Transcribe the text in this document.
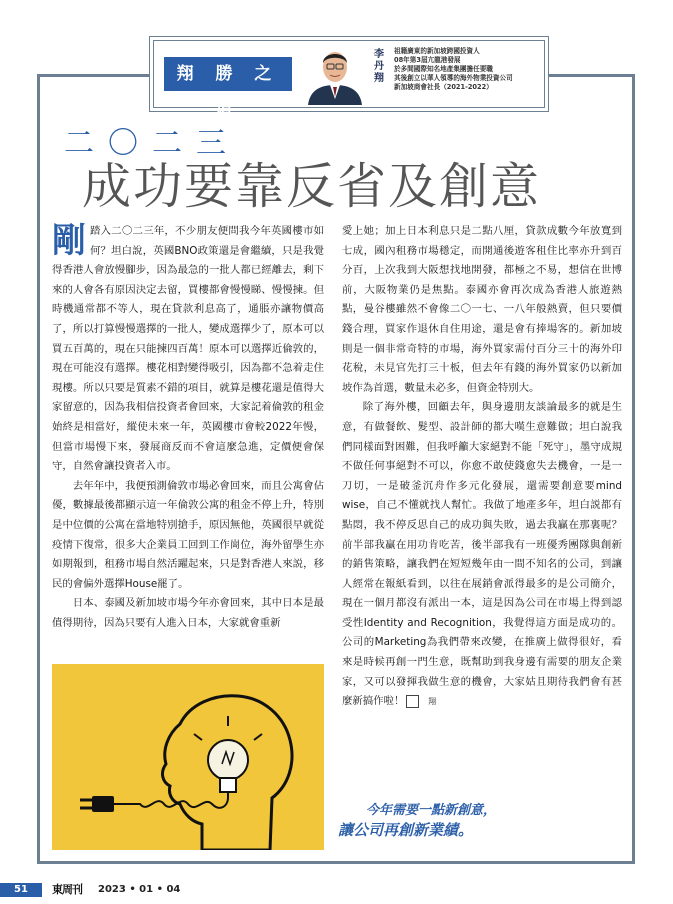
翔 勝 之 道
李丹翔
祖籍廣東的新加坡跨國投資人
08年第3屆亢龍港發展
於多間國際知名地產集團擔任要職
其後創立以華人領導的海外物業投資公司
新加坡商會社長（2021-2022）
二〇二三
成功要靠反省及創意

剛踏入二〇二三年，不少朋友便問我今年英國樓市如何？坦白說，英國BNO政策還是會繼續，只是我覺得香港人會放慢腳步，因為最急的一批人都已經離去，剩下來的人會各有原因決定去留，買樓都會慢慢睇、慢慢揀。但時機通常都不等人，現在貸款利息高了，通脹亦讓物價高了，所以打算慢慢選擇的一批人，變成選擇少了，原本可以買五百萬的，現在只能揀四百萬！原本可以選擇近倫敦的，現在可能沒有選擇。樓花相對變得吸引，因為都不急着走住現樓。所以只要是質素不錯的項目，就算是樓花還是值得大家留意的，因為我相信投資者會回來，大家記着倫敦的租金始終是相當好，縱使未來一年，英國樓市會較2022年慢，但當市場慢下來，發展商反而不會這麼急進，定價便會保守，自然會讓投資者入市。

去年年中，我便預測倫敦市場必會回來，而且公寓會佔優，數據最後都顯示這一年倫敦公寓的租金不停上升，特別是中位價的公寓在當地特別搶手，原因無他，英國很早就從疫情下復常，很多大企業員工回到工作崗位，海外留學生亦如期報到，租務市場自然活躍起來，只是對香港人來説，移民的會偏外選擇House罷了。

日本、泰國及新加坡市場今年亦會回來，其中日本是最值得期待，因為只要有人進入日本，大家就會重新

愛上她；加上日本利息只是二點八厘，貸款成數今年放寬到七成，國內租務市場穩定，而開通後遊客租住比率亦升到百分百，上次我到大阪想找地開發，都極之不易，想信在世博前，大阪物業仍是焦點。泰國亦會再次成為香港人旅遊熱點，曼谷樓雖然不會像二〇一七、一八年般熱賣，但只要價錢合理，買家作退休自住用途，還是會有捧場客的。新加坡則是一個非常奇特的市場，海外買家需付百分三十的海外印花稅，未見官先打三十板，但去年有錢的海外買家仍以新加坡作為首選，數量未必多，但資金特別大。

除了海外樓，回顧去年，與身邊朋友談論最多的就是生意，有做餐飲、髮型、設計師的都大嘆生意難做；坦白說我們同樣面對困難，但我呼籲大家絕對不能「死守」，墨守成規不做任何事絕對不可以，你愈不敢使錢愈失去機會，一是一刀切，一是破釜沉舟作多元化發展，還需要創意要mind wise，自己不懂就找人幫忙。我做了地產多年，坦白説都有點悶，我不停反思自己的成功與失敗，過去我贏在那裏呢？前半部我贏在用功肯吃苦，後半部我有一班優秀團隊與創新的銷售策略，讓我們在短短幾年由一間不知名的公司，到讓人經常在報紙看到，以往在展銷會派得最多的是公司簡介，現在一個月都沒有派出一本，這是因為公司在市場上得到認受性Identity and Recognition，我覺得這方面是成功的。公司的Marketing為我們帶來改變，在推廣上做得很好，看來是時候再創一門生意，既幫助到我身邊有需要的朋友企業家，又可以發揮我做生意的機會，大家姑且期待我們會有甚麼新搞作啦！	翔

今年需要一點新創意，
讓公司再創新業績。
51	東周刊 2023 • 01 • 04
